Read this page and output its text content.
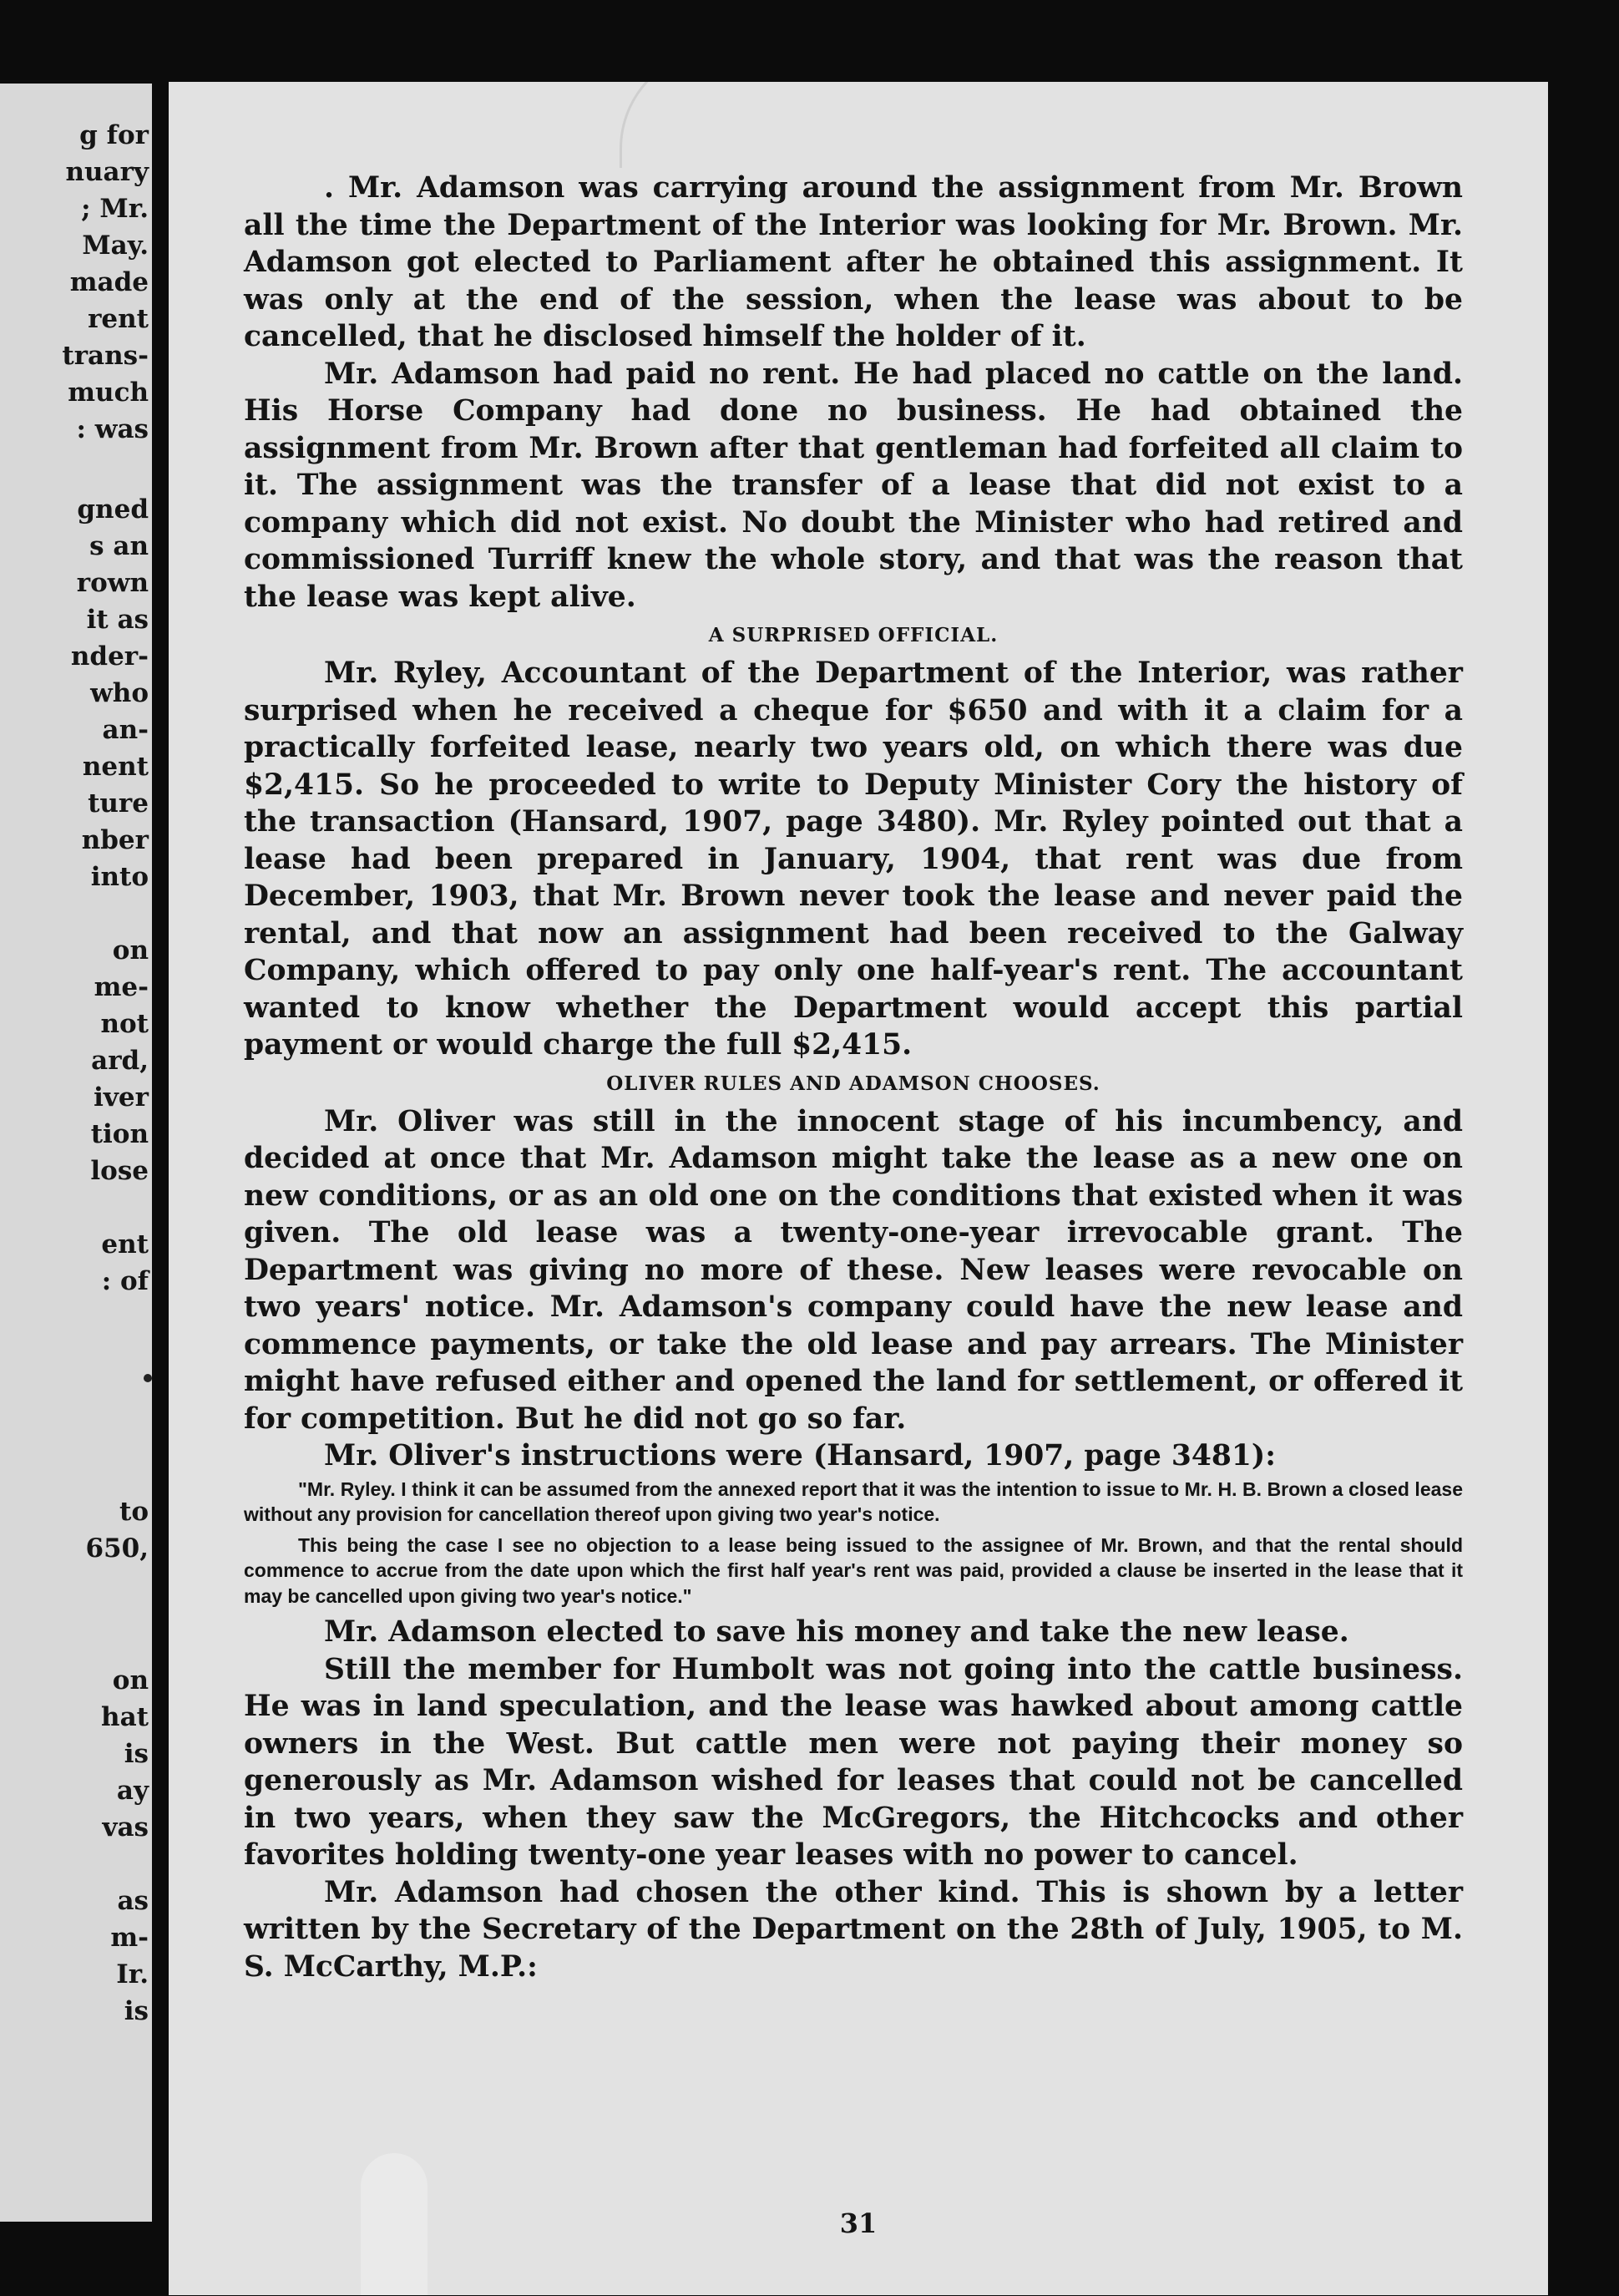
g for
nuary
; Mr.
May.
made
rent
trans-
much
: was
gned
s an
rown
it as
nder-
who
an-
nent
ture
nber
into
on
me-
not
ard,
iver
tion
lose
ent
: of
to
650,
on
hat
is
ay
vas
as
m-
Ir.
is

. Mr. Adamson was carrying around the assignment from Mr. Brown all the time the Department of the Interior was looking for Mr. Brown. Mr. Adamson got elected to Parliament after he obtained this assignment. It was only at the end of the session, when the lease was about to be cancelled, that he disclosed himself the holder of it.

Mr. Adamson had paid no rent. He had placed no cattle on the land. His Horse Company had done no business. He had obtained the assignment from Mr. Brown after that gentleman had forfeited all claim to it. The assignment was the transfer of a lease that did not exist to a company which did not exist. No doubt the Minister who had retired and commissioned Turriff knew the whole story, and that was the reason that the lease was kept alive.

A SURPRISED OFFICIAL.

Mr. Ryley, Accountant of the Department of the Interior, was rather surprised when he received a cheque for $650 and with it a claim for a practically forfeited lease, nearly two years old, on which there was due $2,415. So he proceeded to write to Deputy Minister Cory the history of the transaction (Hansard, 1907, page 3480). Mr. Ryley pointed out that a lease had been prepared in January, 1904, that rent was due from December, 1903, that Mr. Brown never took the lease and never paid the rental, and that now an assignment had been received to the Galway Company, which offered to pay only one half-year's rent. The accountant wanted to know whether the Department would accept this partial payment or would charge the full $2,415.

OLIVER RULES AND ADAMSON CHOOSES.

Mr. Oliver was still in the innocent stage of his incumbency, and decided at once that Mr. Adamson might take the lease as a new one on new conditions, or as an old one on the conditions that existed when it was given. The old lease was a twenty-one-year irrevocable grant. The Department was giving no more of these. New leases were revocable on two years' notice. Mr. Adamson's company could have the new lease and commence payments, or take the old lease and pay arrears. The Minister might have refused either and opened the land for settlement, or offered it for competition. But he did not go so far.

Mr. Oliver's instructions were (Hansard, 1907, page 3481):

"Mr. Ryley. I think it can be assumed from the annexed report that it was the intention to issue to Mr. H. B. Brown a closed lease without any provision for cancellation thereof upon giving two year's notice.
This being the case I see no objection to a lease being issued to the assignee of Mr. Brown, and that the rental should commence to accrue from the date upon which the first half year's rent was paid, provided a clause be inserted in the lease that it may be cancelled upon giving two year's notice."

Mr. Adamson elected to save his money and take the new lease.

Still the member for Humbolt was not going into the cattle business. He was in land speculation, and the lease was hawked about among cattle owners in the West. But cattle men were not paying their money so generously as Mr. Adamson wished for leases that could not be cancelled in two years, when they saw the McGregors, the Hitchcocks and other favorites holding twenty-one year leases with no power to cancel.

Mr. Adamson had chosen the other kind. This is shown by a letter written by the Secretary of the Department on the 28th of July, 1905, to M. S. McCarthy, M.P.:

31
